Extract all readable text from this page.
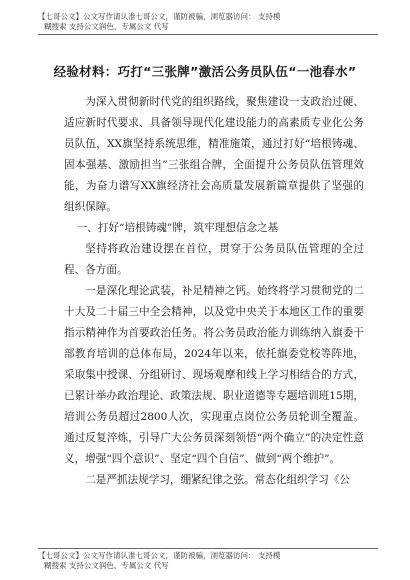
【七哥公文】公文写作请认准七哥公文，谨防被骗，浏览器访问： 支持模
糊搜索 支持公文润色、专属公文 代写
经验材料：巧打“三张牌”激活公务员队伍“一池春水”

为深入贯彻新时代党的组织路线，聚焦建设一支政治过硬、适应新时代要求、具备领导现代化建设能力的高素质专业化公务员队伍，XX旗坚持系统思维，精准施策，通过打好“培根铸魂、固本强基、激励担当”三张组合牌，全面提升公务员队伍管理效能，为奋力谱写XX旗经济社会高质量发展新篇章提供了坚强的组织保障。

一、打好“培根铸魂”牌，筑牢理想信念之基

坚持将政治建设摆在首位，贯穿于公务员队伍管理的全过程、各方面。

一是深化理论武装，补足精神之钙。始终将学习贯彻党的二十大及二十届三中全会精神，以及党中央关于本地区工作的重要指示精神作为首要政治任务。将公务员政治能力训练纳入旗委干部教育培训的总体布局，2024年以来，依托旗委党校等阵地，采取集中授课、分组研讨、现场观摩和线上学习相结合的方式，已累计举办政治理论、政策法规、职业道德等专题培训班15期，培训公务员超过2800人次，实现重点岗位公务员轮训全覆盖。通过反复淬炼，引导广大公务员深刻领悟“两个确立”的决定性意义，增强“四个意识”、坚定“四个自信”、做到“两个维护”。

二是严抓法规学习，绷紧纪律之弦。常态化组织学习《公

【七哥公文】公文写作请认准七哥公文，谨防被骗，浏览器访问： 支持模
糊搜索 支持公文润色、专属公文 代写
